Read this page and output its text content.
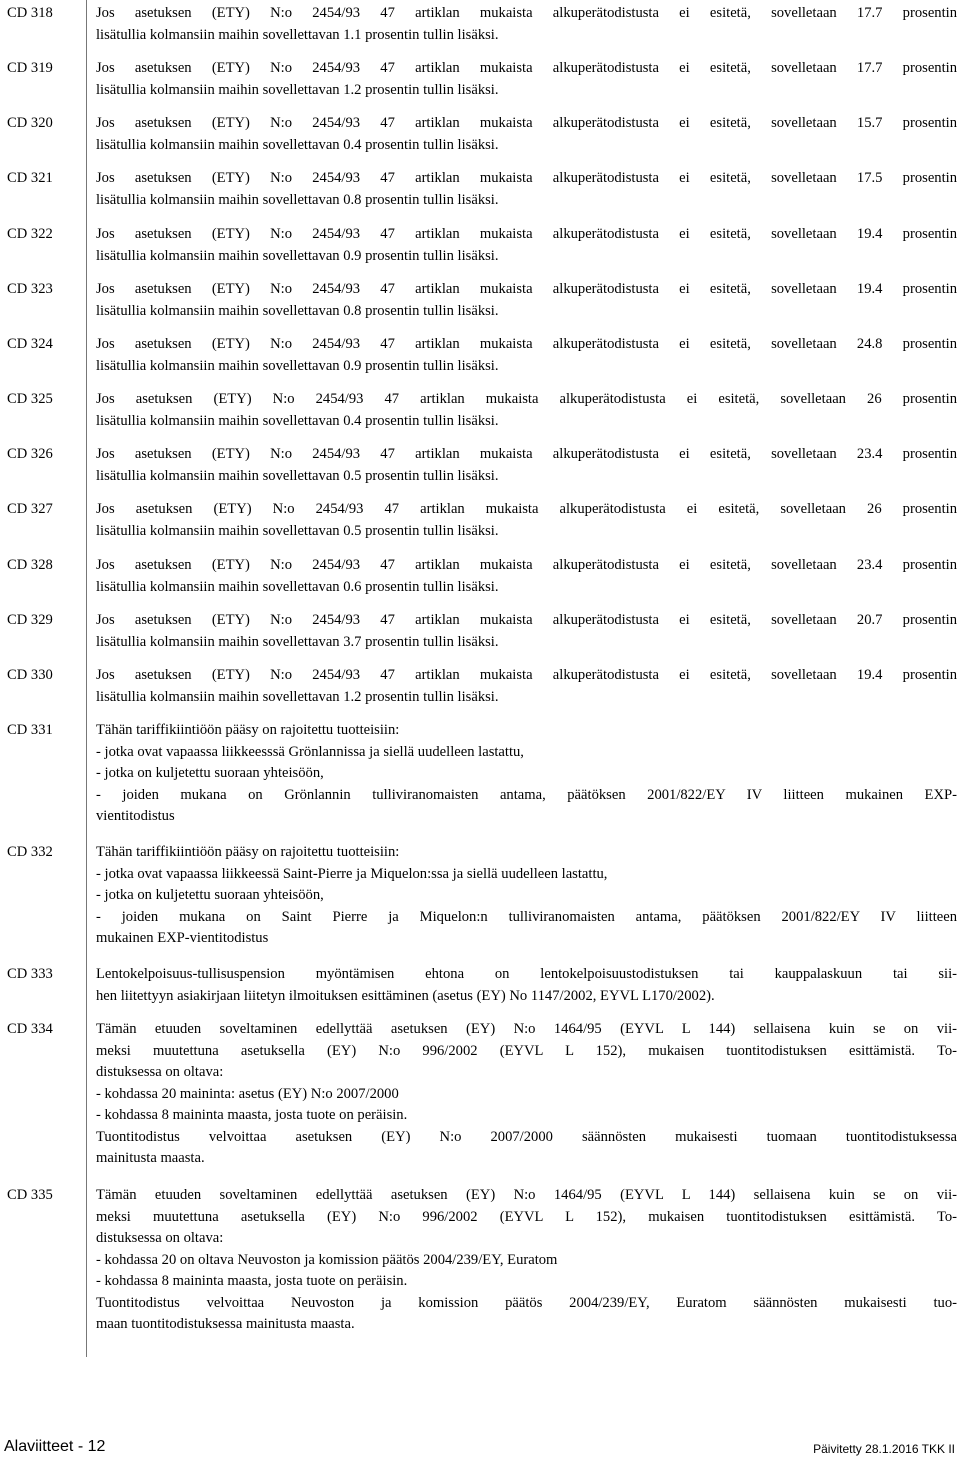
CD 318	Jos asetuksen (ETY) N:o 2454/93 47 artiklan mukaista alkuperätodistusta ei esitetä, sovelletaan 17.7 prosentin
lisätullia kolmansiin maihin sovellettavan 1.1 prosentin tullin lisäksi.
CD 319	Jos asetuksen (ETY) N:o 2454/93 47 artiklan mukaista alkuperätodistusta ei esitetä, sovelletaan 17.7 prosentin
lisätullia kolmansiin maihin sovellettavan 1.2 prosentin tullin lisäksi.
CD 320	Jos asetuksen (ETY) N:o 2454/93 47 artiklan mukaista alkuperätodistusta ei esitetä, sovelletaan 15.7 prosentin
lisätullia kolmansiin maihin sovellettavan 0.4 prosentin tullin lisäksi.
CD 321	Jos asetuksen (ETY) N:o 2454/93 47 artiklan mukaista alkuperätodistusta ei esitetä, sovelletaan 17.5 prosentin
lisätullia kolmansiin maihin sovellettavan 0.8 prosentin tullin lisäksi.
CD 322	Jos asetuksen (ETY) N:o 2454/93 47 artiklan mukaista alkuperätodistusta ei esitetä, sovelletaan 19.4 prosentin
lisätullia kolmansiin maihin sovellettavan 0.9 prosentin tullin lisäksi.
CD 323	Jos asetuksen (ETY) N:o 2454/93 47 artiklan mukaista alkuperätodistusta ei esitetä, sovelletaan 19.4 prosentin
lisätullia kolmansiin maihin sovellettavan 0.8 prosentin tullin lisäksi.
CD 324	Jos asetuksen (ETY) N:o 2454/93 47 artiklan mukaista alkuperätodistusta ei esitetä, sovelletaan 24.8 prosentin
lisätullia kolmansiin maihin sovellettavan 0.9 prosentin tullin lisäksi.
CD 325	Jos asetuksen (ETY) N:o 2454/93 47 artiklan mukaista alkuperätodistusta ei esitetä, sovelletaan 26 prosentin
lisätullia kolmansiin maihin sovellettavan 0.4 prosentin tullin lisäksi.
CD 326	Jos asetuksen (ETY) N:o 2454/93 47 artiklan mukaista alkuperätodistusta ei esitetä, sovelletaan 23.4 prosentin
lisätullia kolmansiin maihin sovellettavan 0.5 prosentin tullin lisäksi.
CD 327	Jos asetuksen (ETY) N:o 2454/93 47 artiklan mukaista alkuperätodistusta ei esitetä, sovelletaan 26 prosentin
lisätullia kolmansiin maihin sovellettavan 0.5 prosentin tullin lisäksi.
CD 328	Jos asetuksen (ETY) N:o 2454/93 47 artiklan mukaista alkuperätodistusta ei esitetä, sovelletaan 23.4 prosentin
lisätullia kolmansiin maihin sovellettavan 0.6 prosentin tullin lisäksi.
CD 329	Jos asetuksen (ETY) N:o 2454/93 47 artiklan mukaista alkuperätodistusta ei esitetä, sovelletaan 20.7 prosentin
lisätullia kolmansiin maihin sovellettavan 3.7 prosentin tullin lisäksi.
CD 330	Jos asetuksen (ETY) N:o 2454/93 47 artiklan mukaista alkuperätodistusta ei esitetä, sovelletaan 19.4 prosentin
lisätullia kolmansiin maihin sovellettavan 1.2 prosentin tullin lisäksi.
CD 331	Tähän tariffikiintiöön pääsy on rajoitettu tuotteisiin:
- jotka ovat vapaassa liikkeesssä Grönlannissa ja siellä uudelleen lastattu,
- jotka on kuljetettu suoraan yhteisöön,
- joiden mukana on Grönlannin tulliviranomaisten antama, päätöksen 2001/822/EY IV liitteen mukainen EXP-
vientitodistus
CD 332	Tähän tariffikiintiöön pääsy on rajoitettu tuotteisiin:
- jotka ovat vapaassa liikkeessä Saint-Pierre ja Miquelon:ssa ja siellä uudelleen lastattu,
- jotka on kuljetettu suoraan yhteisöön,
- joiden mukana on Saint Pierre ja Miquelon:n tulliviranomaisten antama, päätöksen 2001/822/EY IV liitteen
mukainen EXP-vientitodistus
CD 333	Lentokelpoisuus-tullisuspension myöntämisen ehtona on lentokelpoisuustodistuksen tai kauppalaskuun tai sii-
hen liitettyyn asiakirjaan liitetyn ilmoituksen esittäminen (asetus (EY) No 1147/2002, EYVL L170/2002).
CD 334	Tämän etuuden soveltaminen edellyttää asetuksen (EY) N:o 1464/95 (EYVL L 144) sellaisena kuin se on vii-
meksi muutettuna asetuksella (EY) N:o 996/2002 (EYVL L 152), mukaisen tuontitodistuksen esittämistä. To-
distuksessa on oltava:
- kohdassa 20 maininta: asetus (EY) N:o 2007/2000
- kohdassa 8 maininta maasta, josta tuote on peräisin.
Tuontitodistus velvoittaa asetuksen (EY) N:o 2007/2000 säännösten mukaisesti tuomaan tuontitodistuksessa
mainitusta maasta.
CD 335	Tämän etuuden soveltaminen edellyttää asetuksen (EY) N:o 1464/95 (EYVL L 144) sellaisena kuin se on vii-
meksi muutettuna asetuksella (EY) N:o 996/2002 (EYVL L 152), mukaisen tuontitodistuksen esittämistä. To-
distuksessa on oltava:
- kohdassa 20 on oltava Neuvoston ja komission päätös 2004/239/EY, Euratom
- kohdassa 8 maininta maasta, josta tuote on peräisin.
Tuontitodistus velvoittaa Neuvoston ja komission päätös 2004/239/EY, Euratom säännösten mukaisesti tuo-
maan tuontitodistuksessa mainitusta maasta.
Alaviitteet - 12	Päivitetty 28.1.2016 TKK II
